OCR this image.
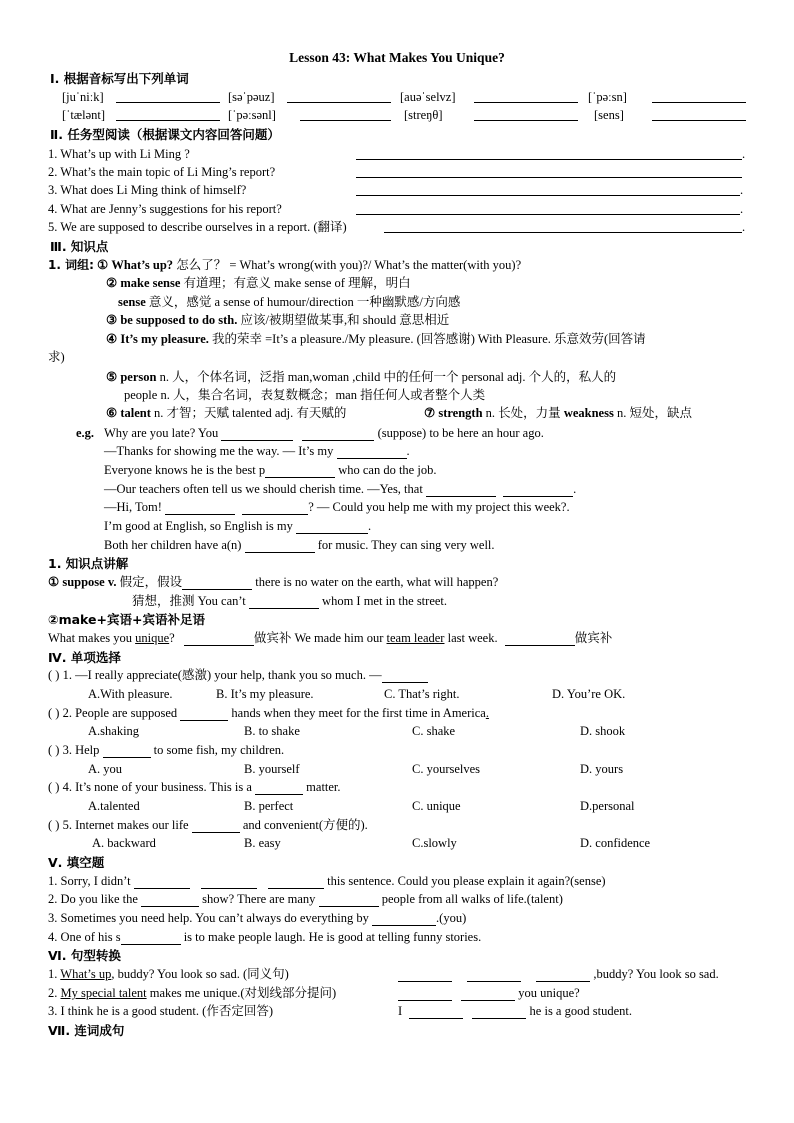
Lesson 43: What Makes You Unique?
Ⅰ. 根据音标写出下列单词
[juˈniːk]	[səˈpəuz]	[auəˈselvz]	[ˈpəːsn]
[ˈtælənt]	[ˈpəːsənl]	[streŋθ]	[sens]
Ⅱ. 任务型阅读（根据课文内容回答问题）
1. What’s up with Li Ming ?	.
2. What’s the main topic of Li Ming’s report?
3. What does Li Ming think of himself?	.
4. What are Jenny’s suggestions for his report?	.
5. We are supposed to describe ourselves in a report. (翻译)	.
Ⅲ. 知识点
1. 词组: ① What’s up? 怎么了？ = What’s wrong(with you)?/ What’s the matter(with you)?
② make sense 有道理；有意义 make sense of 理解，明白
sense 意义，感觉 a sense of humour/direction 一种幽默感/方向感
③ be supposed to do sth. 应该/被期望做某事,和 should 意思相近
④ It’s my pleasure. 我的荣幸 =It’s a pleasure./My pleasure. (回答感谢) With Pleasure. 乐意效劳(回答请
求)
⑤ person n. 人，个体名词，泛指 man,woman ,child 中的任何一个 personal adj. 个人的，私人的
people n. 人，集合名词，表复数概念；man 指任何人或者整个人类
⑥ talent n. 才智；天赋 talented adj. 有天赋的	⑦ strength n. 长处，力量 weakness n. 短处，缺点
e.g. Why are you late? You	(suppose) to be here an hour ago.
—Thanks for showing me the way. — It’s my	.
Everyone knows he is the best p	who can do the job.
—Our teachers often tell us we should cherish time. —Yes, that	.
—Hi, Tom!	? — Could you help me with my project this week?.
I’m good at English, so English is my	.
Both her children have a(n)	for music. They can sing very well.
1. 知识点讲解
① suppose v. 假定，假设	there is no water on the earth, what will happen?
猜想，推测 You can’t	whom I met in the street.
②make+宾语+宾语补足语
What makes you unique?	做宾补 We made him our team leader last week.	做宾补
Ⅳ. 单项选择
( ) 1. —I really appreciate(感激) your help, thank you so much. —
A.With pleasure.	B. It’s my pleasure.	C. That’s right.	D. You’re OK.
( ) 2. People are supposed	hands when they meet for the first time in America.
A.shaking	B. to shake	C. shake	D. shook
( ) 3. Help	to some fish, my children.
A. you	B. yourself	C. yourselves	D. yours
( ) 4. It’s none of your business. This is a	matter.
A.talented	B. perfect	C. unique	D.personal
( ) 5. Internet makes our life	and convenient(方便的).
A. backward	B. easy	C.slowly	D. confidence
Ⅴ. 填空题
1. Sorry, I didn’t	this sentence. Could you please explain it again?(sense)
2. Do you like the	show? There are many	people from all walks of life.(talent)
3. Sometimes you need help. You can’t always do everything by	.(you)
4. One of his s	is to make people laugh. He is good at telling funny stories.
Ⅵ. 句型转换
1. What’s up, buddy? You look so sad. (同义句)	,buddy? You look so sad.
2. My special talent makes me unique.(对划线部分提问)	you unique?
3. I think he is a good student. (作否定回答)	I	he is a good student.
Ⅶ. 连词成句
